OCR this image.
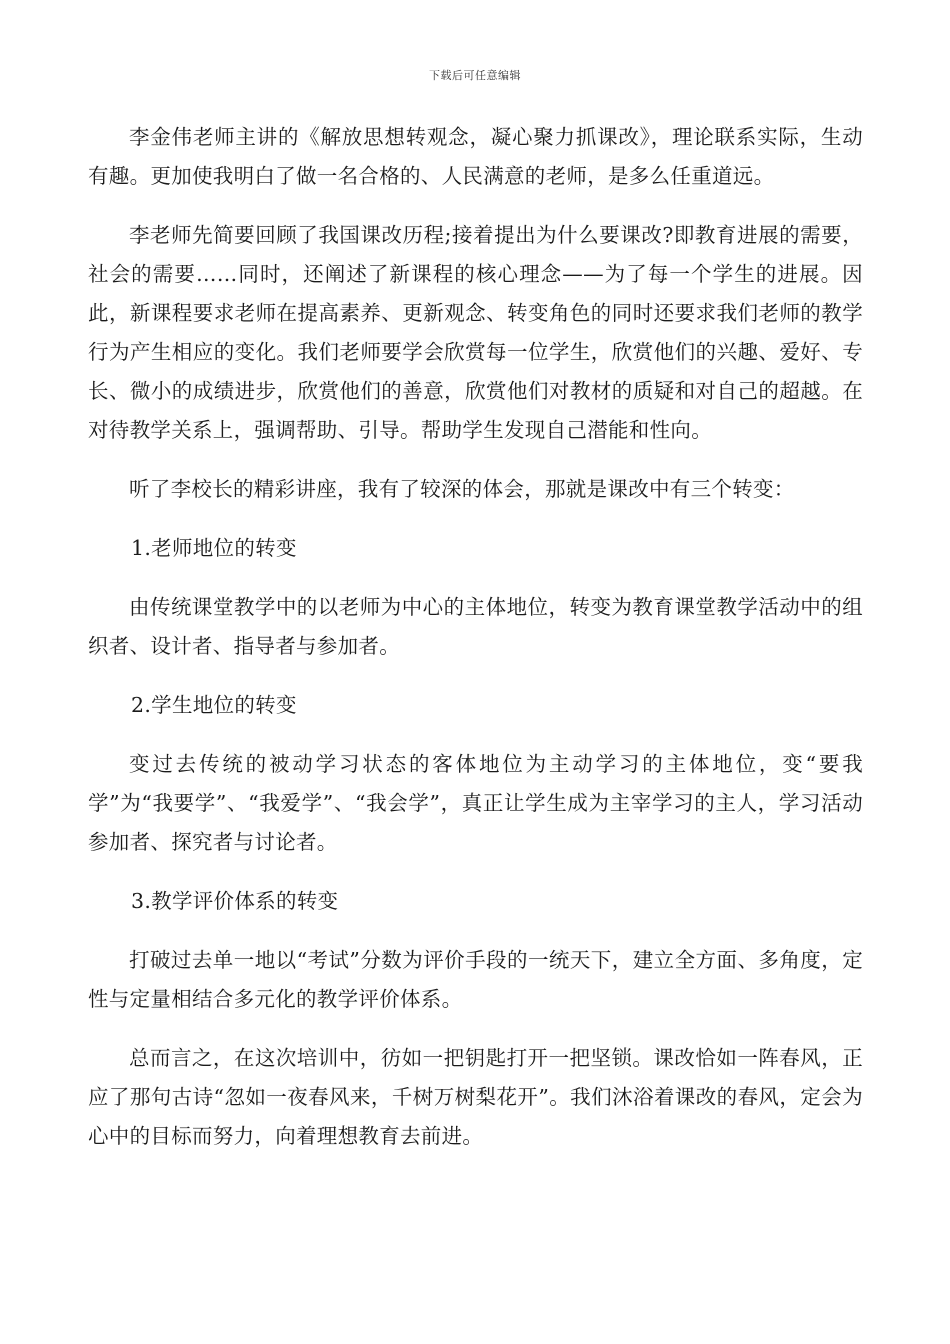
下载后可任意编辑

李金伟老师主讲的《解放思想转观念，凝心聚力抓课改》，理论联系实际，生动有趣。更加使我明白了做一名合格的、人民满意的老师，是多么任重道远。

李老师先简要回顾了我国课改历程;接着提出为什么要课改?即教育进展的需要，社会的需要……同时，还阐述了新课程的核心理念——为了每一个学生的进展。因此，新课程要求老师在提高素养、更新观念、转变角色的同时还要求我们老师的教学行为产生相应的变化。我们老师要学会欣赏每一位学生，欣赏他们的兴趣、爱好、专长、微小的成绩进步，欣赏他们的善意，欣赏他们对教材的质疑和对自己的超越。在对待教学关系上，强调帮助、引导。帮助学生发现自己潜能和性向。

听了李校长的精彩讲座，我有了较深的体会，那就是课改中有三个转变：

1.老师地位的转变

由传统课堂教学中的以老师为中心的主体地位，转变为教育课堂教学活动中的组织者、设计者、指导者与参加者。

2.学生地位的转变

变过去传统的被动学习状态的客体地位为主动学习的主体地位，变“要我学”为“我要学”、“我爱学”、“我会学”，真正让学生成为主宰学习的主人，学习活动参加者、探究者与讨论者。

3.教学评价体系的转变

打破过去单一地以“考试”分数为评价手段的一统天下，建立全方面、多角度，定性与定量相结合多元化的教学评价体系。

总而言之，在这次培训中，彷如一把钥匙打开一把坚锁。课改恰如一阵春风，正应了那句古诗“忽如一夜春风来，千树万树梨花开”。我们沐浴着课改的春风，定会为心中的目标而努力，向着理想教育去前进。
